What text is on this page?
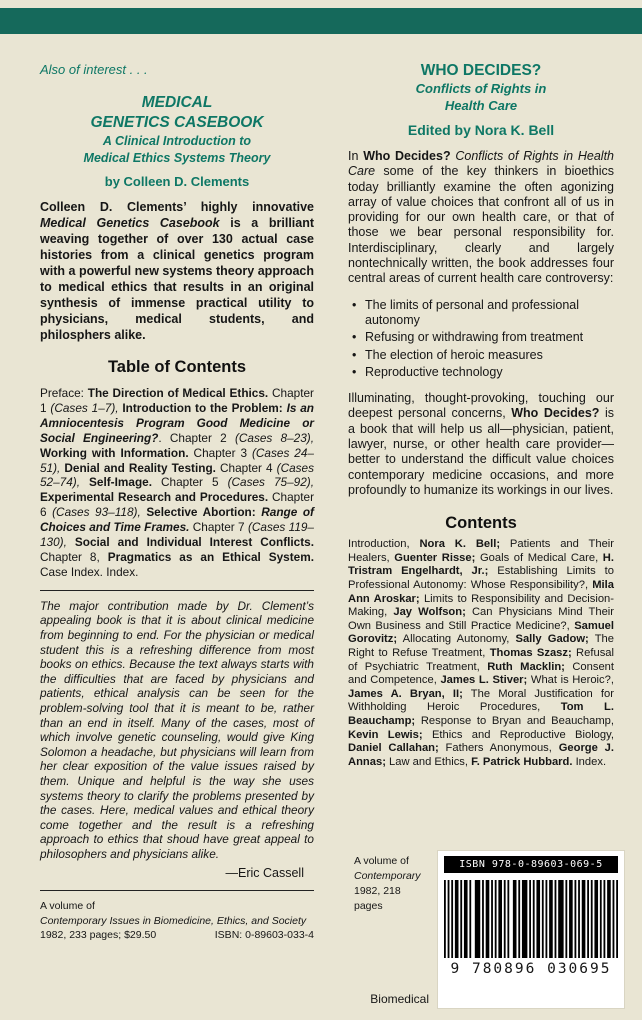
Also of interest . . .
MEDICAL
GENETICS CASEBOOK
A Clinical Introduction to
Medical Ethics Systems Theory
by Colleen D. Clements

Colleen D. Clements’ highly innovative Medical Genetics Casebook is a brilliant weaving together of over 130 actual case histories from a clinical genetics program with a powerful new systems theory approach to medical ethics that results in an original synthesis of immense practical utility to physicians, medical students, and philosphers alike.

Table of Contents

Preface: The Direction of Medical Ethics. Chapter 1 (Cases 1–7), Introduction to the Problem: Is an Amniocentesis Program Good Medicine or Social Engineering?. Chapter 2 (Cases 8–23), Working with Information. Chapter 3 (Cases 24–51), Denial and Reality Testing. Chapter 4 (Cases 52–74), Self-Image. Chapter 5 (Cases 75–92), Experimental Research and Procedures. Chapter 6 (Cases 93–118), Selective Abortion: Range of Choices and Time Frames. Chapter 7 (Cases 119–130), Social and Individual Interest Conflicts. Chapter 8, Pragmatics as an Ethical System. Case Index. Index.

The major contribution made by Dr. Clement’s appealing book is that it is about clinical medicine from beginning to end. For the physician or medical student this is a refreshing difference from most books on ethics. Because the text always starts with the difficulties that are faced by physicians and patients, ethical analysis can be seen for the problem-solving tool that it is meant to be, rather than an end in itself. Many of the cases, most of which involve genetic counseling, would give King Solomon a headache, but physicians will learn from her clear exposition of the value issues raised by them. Unique and helpful is the way she uses systems theory to clarify the problems presented by the cases. Here, medical values and ethical theory come together and the result is a refreshing approach to ethics that shoud have great appeal to philosophers and physicians alike.

—Eric Cassell
A volume of
Contemporary Issues in Biomedicine, Ethics, and Society
1982, 233 pages; $29.50	ISBN: 0-89603-033-4
WHO DECIDES?
Conflicts of Rights in
Health Care
Edited by Nora K. Bell

In Who Decides? Conflicts of Rights in Health Care some of the key thinkers in bioethics today brilliantly examine the often agonizing array of value choices that confront all of us in providing for our own health care, or that of those we bear personal responsibility for. Interdisciplinary, clearly and largely nontechnically written, the book addresses four central areas of current health care controversy:

• The limits of personal and professional autonomy
• Refusing or withdrawing from treatment
• The election of heroic measures
• Reproductive technology

Illuminating, thought-provoking, touching our deepest personal concerns, Who Decides? is a book that will help us all—physician, patient, lawyer, nurse, or other health care provider—better to understand the difficult value choices contemporary medicine occasions, and more profoundly to humanize its workings in our lives.

Contents

Introduction, Nora K. Bell; Patients and Their Healers, Guenter Risse; Goals of Medical Care, H. Tristram Engelhardt, Jr.; Establishing Limits to Professional Autonomy: Whose Responsibility?, Mila Ann Aroskar; Limits to Responsibility and Decision-Making, Jay Wolfson; Can Physicians Mind Their Own Business and Still Practice Medicine?, Samuel Gorovitz; Allocating Autonomy, Sally Gadow; The Right to Refuse Treatment, Thomas Szasz; Refusal of Psychiatric Treatment, Ruth Macklin; Consent and Competence, James L. Stiver; What is Heroic?, James A. Bryan, II; The Moral Justification for Withholding Heroic Procedures, Tom L. Beauchamp; Response to Bryan and Beauchamp, Kevin Lewis; Ethics and Reproductive Biology, Daniel Callahan; Fathers Anonymous, George J. Annas; Law and Ethics, F. Patrick Hubbard. Index.

A volume of
Contemporary
1982, 218 pages
Biomedical
ISBN 978-0-89603-069-5
9 780896 030695
